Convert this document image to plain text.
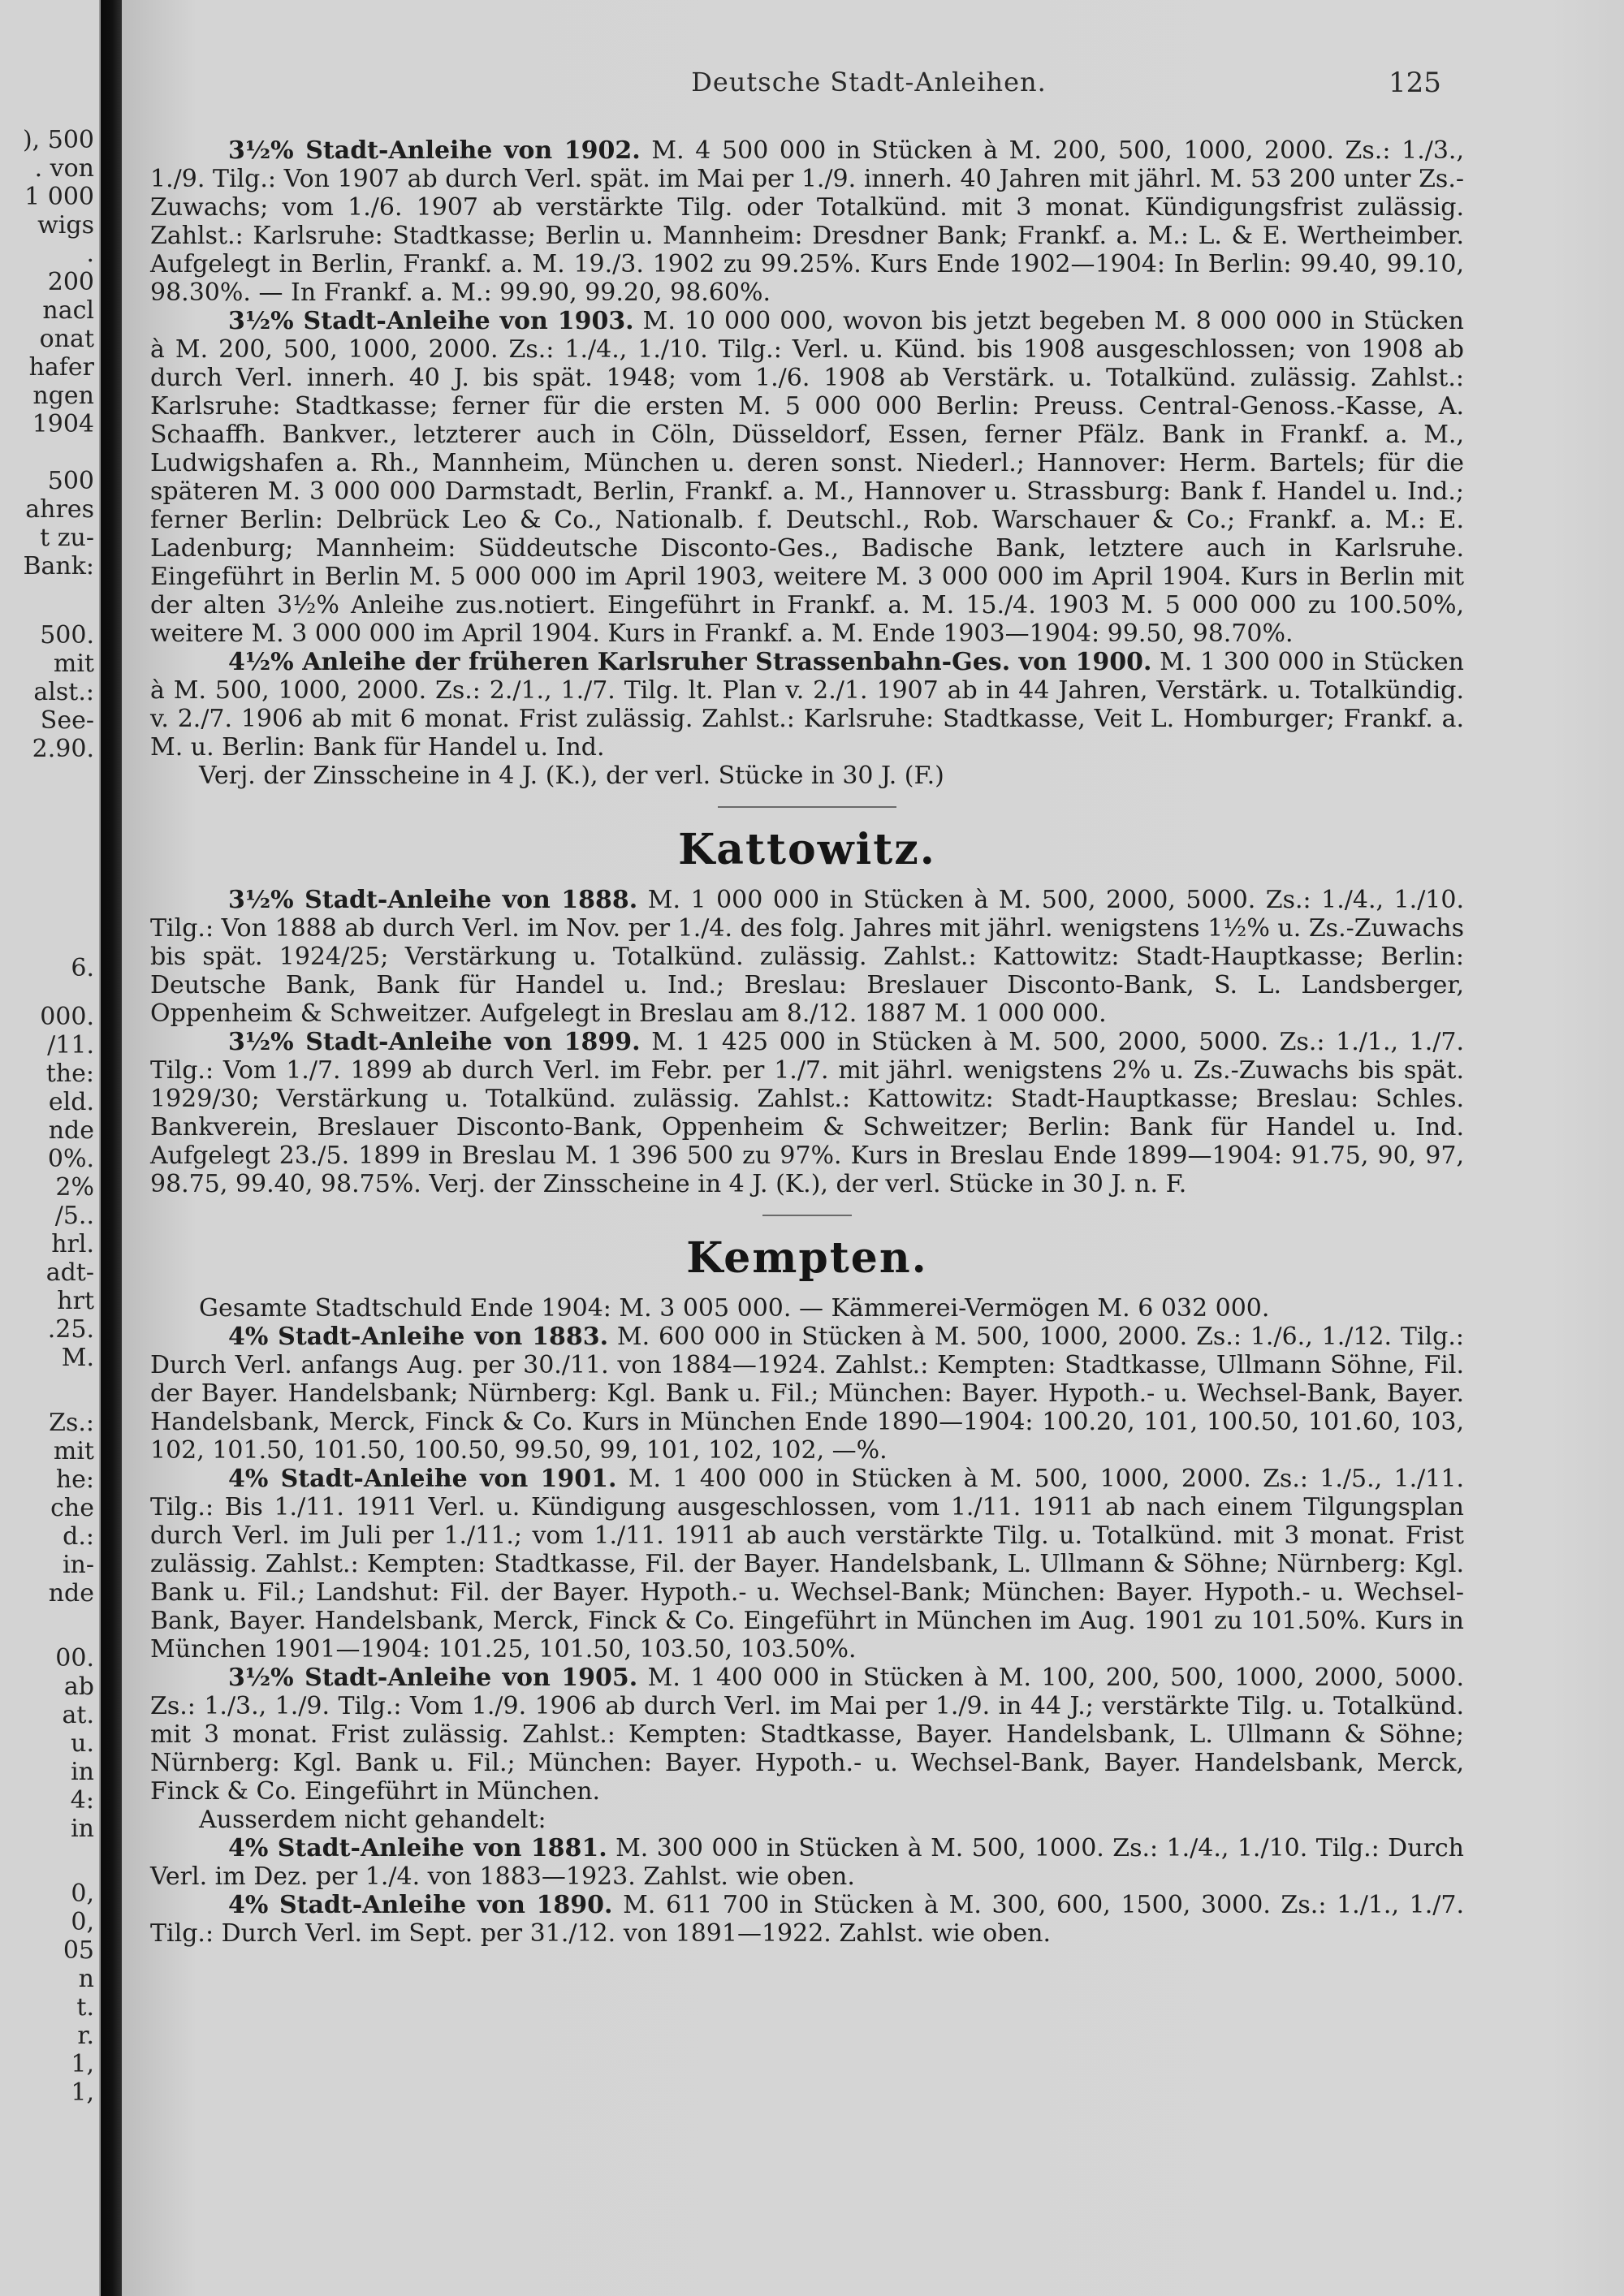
), 500
. von
1 000
wigs
.
200
nacl
onat
hafer
ngen
1904
500
ahres
t zu-
Bank:
500.
mit
alst.:
See-
2.90.
6.
000.
/11.
the:
eld.
nde
0%.
2%
/5..
hrl.
adt-
hrt
.25.
M.
Zs.:
mit
he:
che
d.:
in-
nde
00.
ab
at.
u.
in
4:
in
0,
0,
05
n
t.
r.
1,
1,
Deutsche Stadt-Anleihen.	125

3½% Stadt-Anleihe von 1902. M. 4 500 000 in Stücken à M. 200, 500, 1000, 2000. Zs.: 1./3., 1./9. Tilg.: Von 1907 ab durch Verl. spät. im Mai per 1./9. innerh. 40 Jahren mit jährl. M. 53 200 unter Zs.-Zuwachs; vom 1./6. 1907 ab verstärkte Tilg. oder Totalkünd. mit 3 monat. Kündigungsfrist zulässig. Zahlst.: Karlsruhe: Stadtkasse; Berlin u. Mannheim: Dresdner Bank; Frankf. a. M.: L. & E. Wertheimber. Aufgelegt in Berlin, Frankf. a. M. 19./3. 1902 zu 99.25%. Kurs Ende 1902—1904: In Berlin: 99.40, 99.10, 98.30%. — In Frankf. a. M.: 99.90, 99.20, 98.60%.

3½% Stadt-Anleihe von 1903. M. 10 000 000, wovon bis jetzt begeben M. 8 000 000 in Stücken à M. 200, 500, 1000, 2000. Zs.: 1./4., 1./10. Tilg.: Verl. u. Künd. bis 1908 ausgeschlossen; von 1908 ab durch Verl. innerh. 40 J. bis spät. 1948; vom 1./6. 1908 ab Verstärk. u. Totalkünd. zulässig. Zahlst.: Karlsruhe: Stadtkasse; ferner für die ersten M. 5 000 000 Berlin: Preuss. Central-Genoss.-Kasse, A. Schaaffh. Bankver., letzterer auch in Cöln, Düsseldorf, Essen, ferner Pfälz. Bank in Frankf. a. M., Ludwigshafen a. Rh., Mannheim, München u. deren sonst. Niederl.; Hannover: Herm. Bartels; für die späteren M. 3 000 000 Darmstadt, Berlin, Frankf. a. M., Hannover u. Strassburg: Bank f. Handel u. Ind.; ferner Berlin: Delbrück Leo & Co., Nationalb. f. Deutschl., Rob. Warschauer & Co.; Frankf. a. M.: E. Ladenburg; Mannheim: Süddeutsche Disconto-Ges., Badische Bank, letztere auch in Karlsruhe. Eingeführt in Berlin M. 5 000 000 im April 1903, weitere M. 3 000 000 im April 1904. Kurs in Berlin mit der alten 3½% Anleihe zus.notiert. Eingeführt in Frankf. a. M. 15./4. 1903 M. 5 000 000 zu 100.50%, weitere M. 3 000 000 im April 1904. Kurs in Frankf. a. M. Ende 1903—1904: 99.50, 98.70%.

4½% Anleihe der früheren Karlsruher Strassenbahn-Ges. von 1900. M. 1 300 000 in Stücken à M. 500, 1000, 2000. Zs.: 2./1., 1./7. Tilg. lt. Plan v. 2./1. 1907 ab in 44 Jahren, Verstärk. u. Totalkündig. v. 2./7. 1906 ab mit 6 monat. Frist zulässig. Zahlst.: Karlsruhe: Stadtkasse, Veit L. Homburger; Frankf. a. M. u. Berlin: Bank für Handel u. Ind.

Verj. der Zinsscheine in 4 J. (K.), der verl. Stücke in 30 J. (F.)

Kattowitz.

3½% Stadt-Anleihe von 1888. M. 1 000 000 in Stücken à M. 500, 2000, 5000. Zs.: 1./4., 1./10. Tilg.: Von 1888 ab durch Verl. im Nov. per 1./4. des folg. Jahres mit jährl. wenigstens 1½% u. Zs.-Zuwachs bis spät. 1924/25; Verstärkung u. Totalkünd. zulässig. Zahlst.: Kattowitz: Stadt-Hauptkasse; Berlin: Deutsche Bank, Bank für Handel u. Ind.; Breslau: Breslauer Disconto-Bank, S. L. Landsberger, Oppenheim & Schweitzer. Aufgelegt in Breslau am 8./12. 1887 M. 1 000 000.

3½% Stadt-Anleihe von 1899. M. 1 425 000 in Stücken à M. 500, 2000, 5000. Zs.: 1./1., 1./7. Tilg.: Vom 1./7. 1899 ab durch Verl. im Febr. per 1./7. mit jährl. wenigstens 2% u. Zs.-Zuwachs bis spät. 1929/30; Verstärkung u. Totalkünd. zulässig. Zahlst.: Kattowitz: Stadt-Hauptkasse; Breslau: Schles. Bankverein, Breslauer Disconto-Bank, Oppenheim & Schweitzer; Berlin: Bank für Handel u. Ind. Aufgelegt 23./5. 1899 in Breslau M. 1 396 500 zu 97%. Kurs in Breslau Ende 1899—1904: 91.75, 90, 97, 98.75, 99.40, 98.75%. Verj. der Zinsscheine in 4 J. (K.), der verl. Stücke in 30 J. n. F.

Kempten.

Gesamte Stadtschuld Ende 1904: M. 3 005 000. — Kämmerei-Vermögen M. 6 032 000.

4% Stadt-Anleihe von 1883. M. 600 000 in Stücken à M. 500, 1000, 2000. Zs.: 1./6., 1./12. Tilg.: Durch Verl. anfangs Aug. per 30./11. von 1884—1924. Zahlst.: Kempten: Stadtkasse, Ullmann Söhne, Fil. der Bayer. Handelsbank; Nürnberg: Kgl. Bank u. Fil.; München: Bayer. Hypoth.- u. Wechsel-Bank, Bayer. Handelsbank, Merck, Finck & Co. Kurs in München Ende 1890—1904: 100.20, 101, 100.50, 101.60, 103, 102, 101.50, 101.50, 100.50, 99.50, 99, 101, 102, 102, —%.

4% Stadt-Anleihe von 1901. M. 1 400 000 in Stücken à M. 500, 1000, 2000. Zs.: 1./5., 1./11. Tilg.: Bis 1./11. 1911 Verl. u. Kündigung ausgeschlossen, vom 1./11. 1911 ab nach einem Tilgungsplan durch Verl. im Juli per 1./11.; vom 1./11. 1911 ab auch verstärkte Tilg. u. Totalkünd. mit 3 monat. Frist zulässig. Zahlst.: Kempten: Stadtkasse, Fil. der Bayer. Handelsbank, L. Ullmann & Söhne; Nürnberg: Kgl. Bank u. Fil.; Landshut: Fil. der Bayer. Hypoth.- u. Wechsel-Bank; München: Bayer. Hypoth.- u. Wechsel-Bank, Bayer. Handelsbank, Merck, Finck & Co. Eingeführt in München im Aug. 1901 zu 101.50%. Kurs in München 1901—1904: 101.25, 101.50, 103.50, 103.50%.

3½% Stadt-Anleihe von 1905. M. 1 400 000 in Stücken à M. 100, 200, 500, 1000, 2000, 5000. Zs.: 1./3., 1./9. Tilg.: Vom 1./9. 1906 ab durch Verl. im Mai per 1./9. in 44 J.; verstärkte Tilg. u. Totalkünd. mit 3 monat. Frist zulässig. Zahlst.: Kempten: Stadtkasse, Bayer. Handelsbank, L. Ullmann & Söhne; Nürnberg: Kgl. Bank u. Fil.; München: Bayer. Hypoth.- u. Wechsel-Bank, Bayer. Handelsbank, Merck, Finck & Co. Eingeführt in München.

Ausserdem nicht gehandelt:

4% Stadt-Anleihe von 1881. M. 300 000 in Stücken à M. 500, 1000. Zs.: 1./4., 1./10. Tilg.: Durch Verl. im Dez. per 1./4. von 1883—1923. Zahlst. wie oben.

4% Stadt-Anleihe von 1890. M. 611 700 in Stücken à M. 300, 600, 1500, 3000. Zs.: 1./1., 1./7. Tilg.: Durch Verl. im Sept. per 31./12. von 1891—1922. Zahlst. wie oben.
